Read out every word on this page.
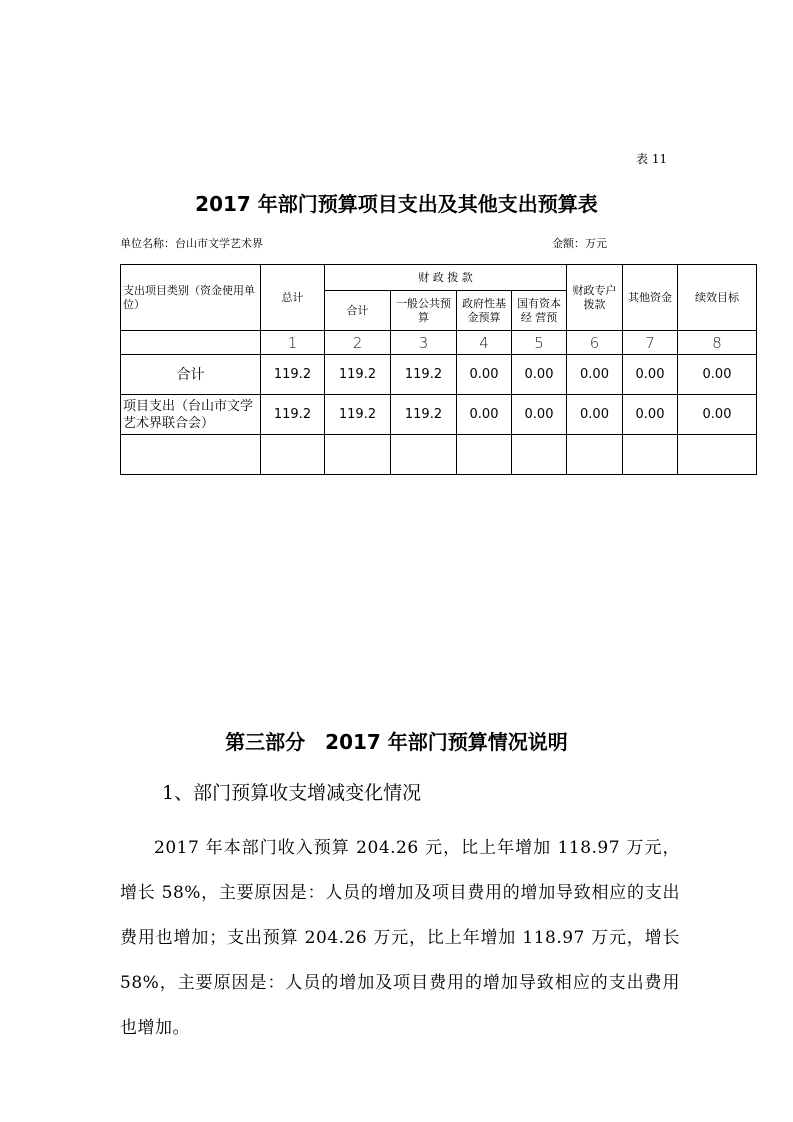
表 11
2017 年部门预算项目支出及其他支出预算表
单位名称：台山市文学艺术界	金额：万元
支出项目类别（资金使用单 位）	总计	财 政 拨 款				财政专户拨款	其他资金	续效目标
		合计	一般公共预算	政府性基金预算	国有资本经 营预			
	1	2	3	4	5	6	7	8
合计	119.2	119.2	119.2	0.00	0.00	0.00	0.00	0.00
项目支出（台山市文学艺术界联合会）	119.2	119.2	119.2	0.00	0.00	0.00	0.00	0.00

第三部分　2017 年部门预算情况说明
1、部门预算收支增减变化情况
2017 年本部门收入预算 204.26 元，比上年增加 118.97 万元，增长 58%，主要原因是：人员的增加及项目费用的增加导致相应的支出费用也增加；支出预算 204.26 万元，比上年增加 118.97 万元，增长 58%，主要原因是：人员的增加及项目费用的增加导致相应的支出费用也增加。
